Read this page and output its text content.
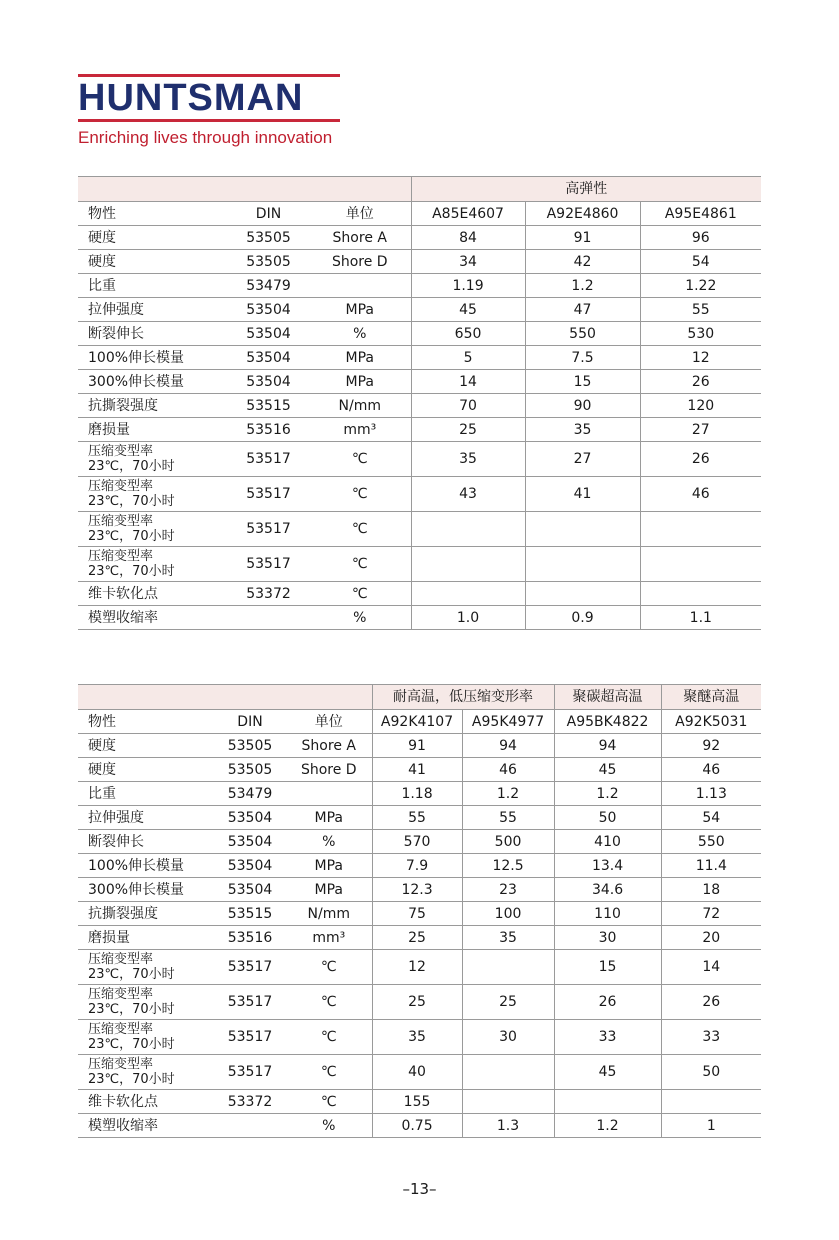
HUNTSMAN
Enriching lives through innovation
			高弹性		
物性	DIN	单位	A85E4607	A92E4860	A95E4861
硬度	53505	Shore A	84	91	96
硬度	53505	Shore D	34	42	54
比重	53479		1.19	1.2	1.22
拉伸强度	53504	MPa	45	47	55
断裂伸长	53504	%	650	550	530
100%伸长模量	53504	MPa	5	7.5	12
300%伸长模量	53504	MPa	14	15	26
抗撕裂强度	53515	N/mm	70	90	120
磨损量	53516	mm³	25	35	27

压缩变型率
23℃，70小时	53517	℃	35	27	26

压缩变型率
23℃，70小时	53517	℃	43	41	46

压缩变型率
23℃，70小时	53517	℃			

压缩变型率
23℃，70小时	53517	℃			
维卡软化点	53372	℃			
模塑收缩率		%	1.0	0.9	1.1
			耐高温，低压缩变形率		聚碳超高温	聚醚高温
物性	DIN	单位	A92K4107	A95K4977	A95BK4822	A92K5031
硬度	53505	Shore A	91	94	94	92
硬度	53505	Shore D	41	46	45	46
比重	53479		1.18	1.2	1.2	1.13
拉伸强度	53504	MPa	55	55	50	54
断裂伸长	53504	%	570	500	410	550
100%伸长模量	53504	MPa	7.9	12.5	13.4	11.4
300%伸长模量	53504	MPa	12.3	23	34.6	18
抗撕裂强度	53515	N/mm	75	100	110	72
磨损量	53516	mm³	25	35	30	20

压缩变型率
23℃，70小时	53517	℃	12		15	14

压缩变型率
23℃，70小时	53517	℃	25	25	26	26

压缩变型率
23℃，70小时	53517	℃	35	30	33	33

压缩变型率
23℃，70小时	53517	℃	40		45	50
维卡软化点	53372	℃	155			
模塑收缩率		%	0.75	1.3	1.2	1
–13–
